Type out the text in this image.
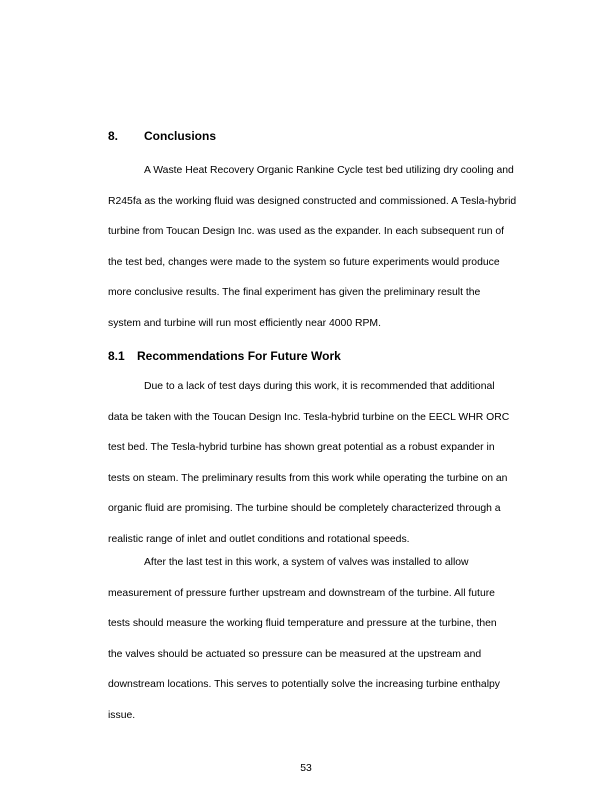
8. Conclusions
A Waste Heat Recovery Organic Rankine Cycle test bed utilizing dry cooling and
R245fa as the working fluid was designed constructed and commissioned. A Tesla-hybrid
turbine from Toucan Design Inc. was used as the expander. In each subsequent run of
the test bed, changes were made to the system so future experiments would produce
more conclusive results. The final experiment has given the preliminary result the
system and turbine will run most efficiently near 4000 RPM.
8.1 Recommendations For Future Work
Due to a lack of test days during this work, it is recommended that additional
data be taken with the Toucan Design Inc. Tesla-hybrid turbine on the EECL WHR ORC
test bed. The Tesla-hybrid turbine has shown great potential as a robust expander in
tests on steam. The preliminary results from this work while operating the turbine on an
organic fluid are promising. The turbine should be completely characterized through a
realistic range of inlet and outlet conditions and rotational speeds.
After the last test in this work, a system of valves was installed to allow
measurement of pressure further upstream and downstream of the turbine. All future
tests should measure the working fluid temperature and pressure at the turbine, then
the valves should be actuated so pressure can be measured at the upstream and
downstream locations. This serves to potentially solve the increasing turbine enthalpy
issue.
53
